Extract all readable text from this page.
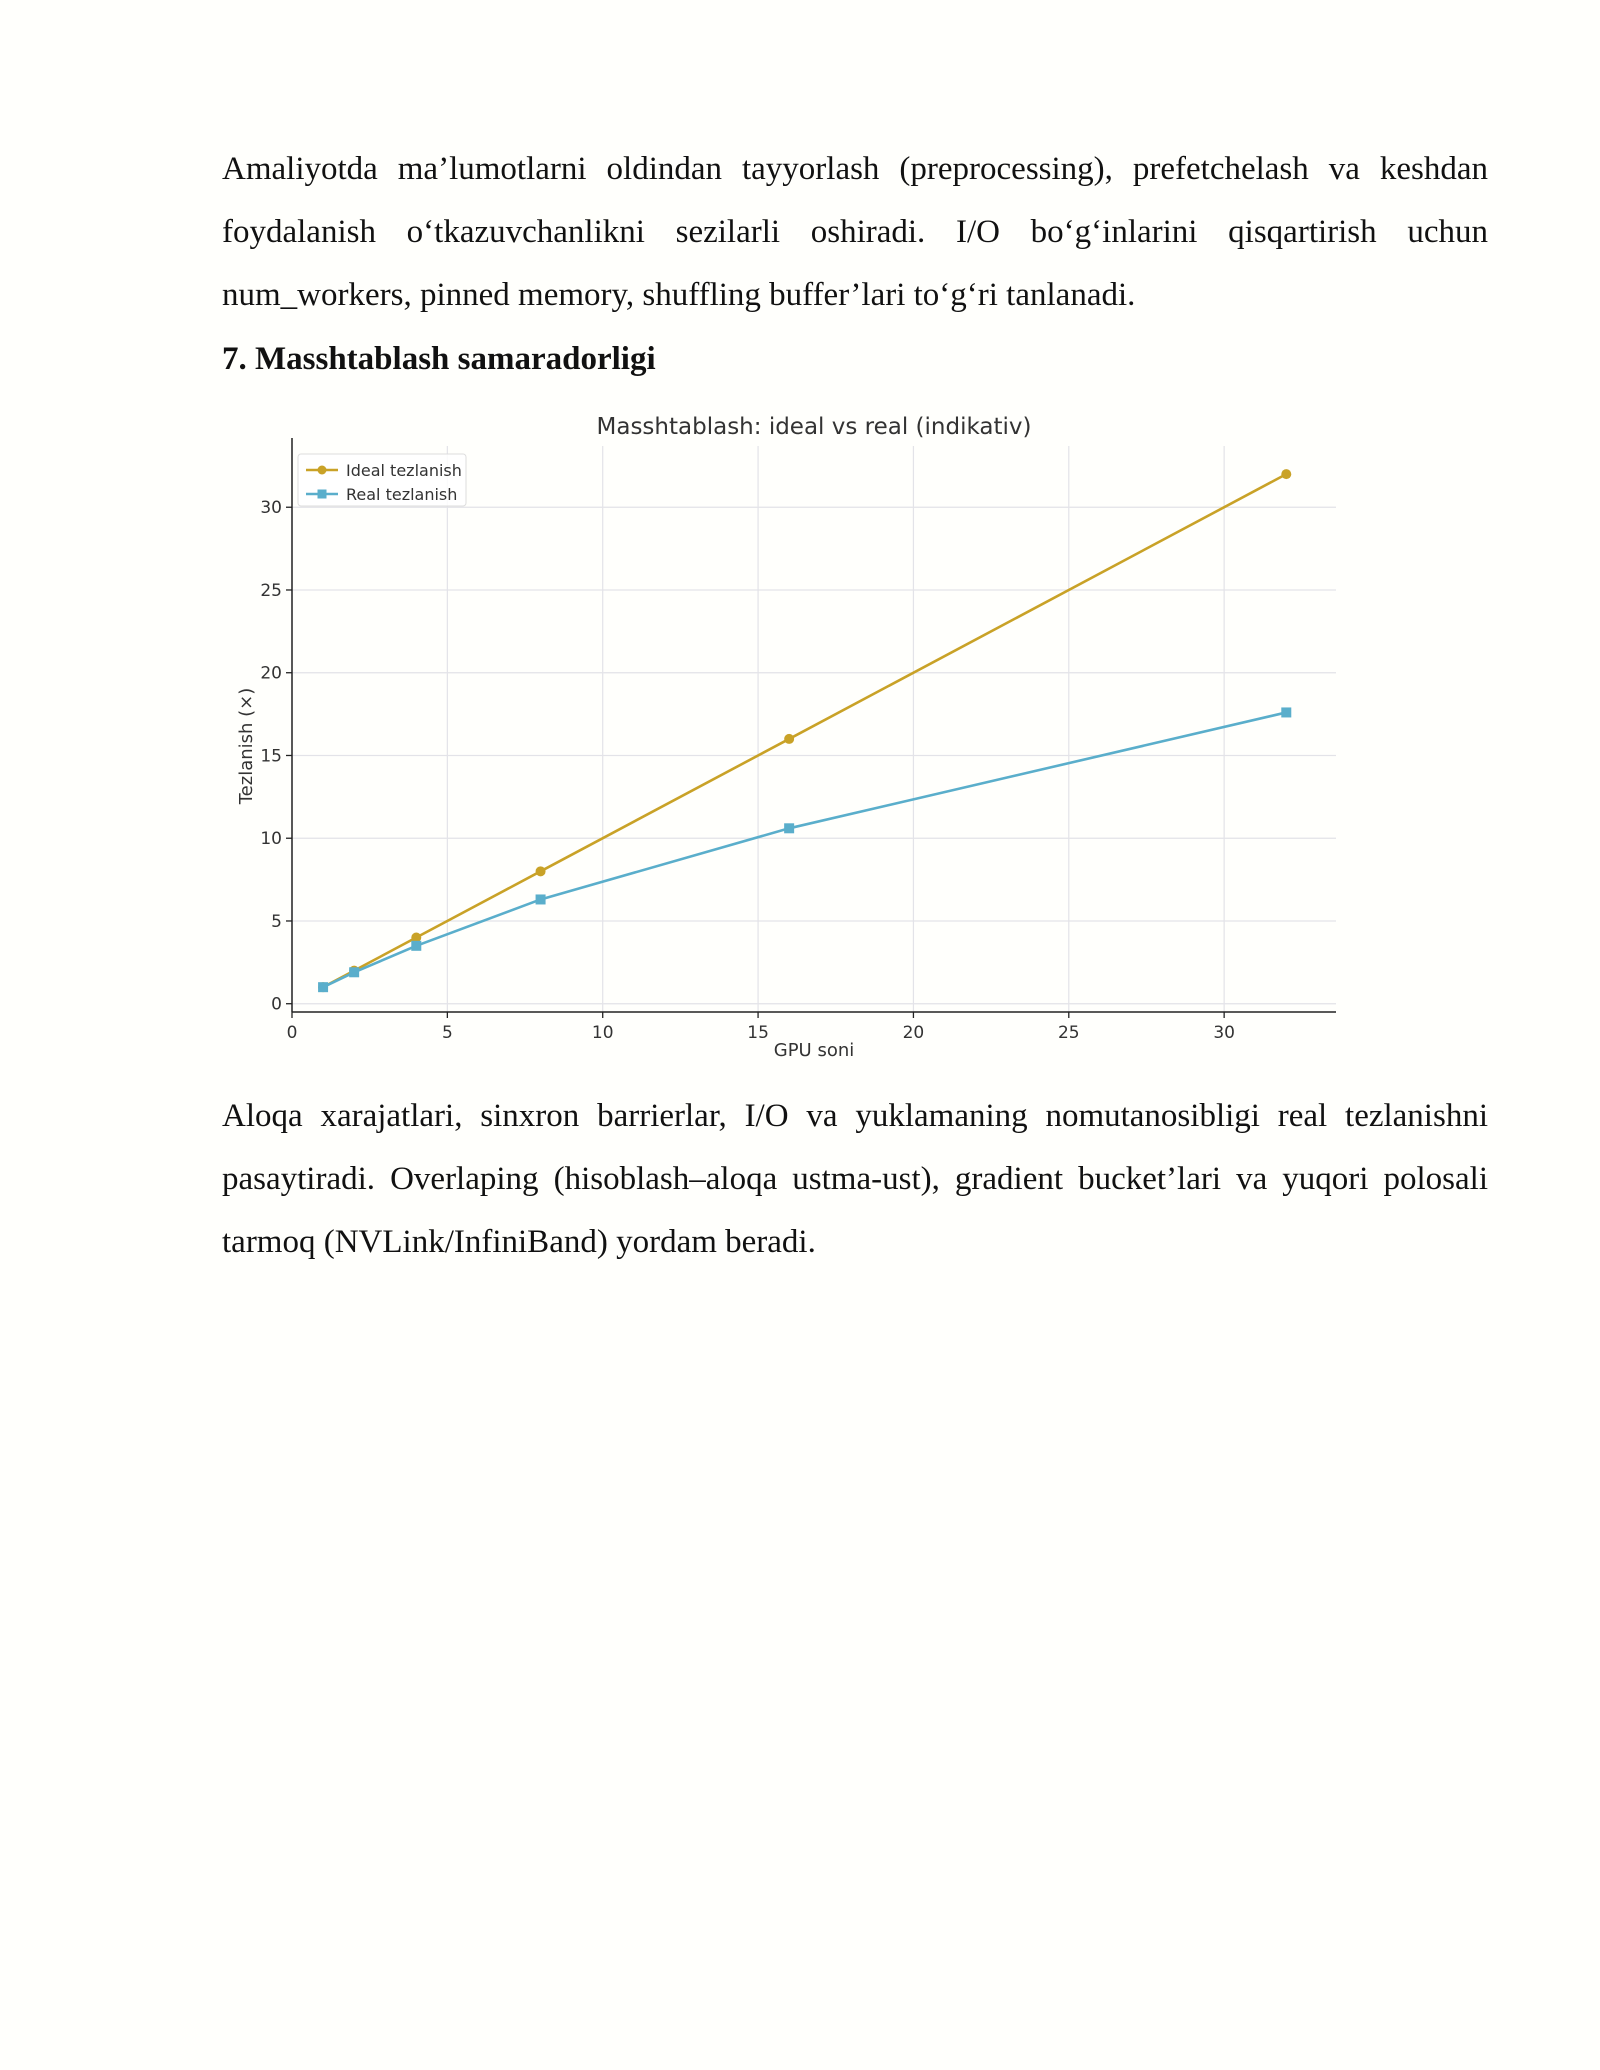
Amaliyotda ma’lumotlarni oldindan tayyorlash (preprocessing), prefetchelash va keshdan foydalanish o‘tkazuvchanlikni sezilarli oshiradi. I/O bo‘g‘inlarini qisqartirish uchun num_workers, pinned memory, shuffling buffer’lari to‘g‘ri tanlanadi.

7. Masshtablash samaradorligi
0	5	10	15	20	25	30
0
5
10
15
20
25
30
Ideal tezlanish
Real tezlanish
Masshtablash: ideal vs real (indikativ)
GPU soni
Tezlanish (×)

Aloqa xarajatlari, sinxron barrierlar, I/O va yuklamaning nomutanosibligi real tezlanishni pasaytiradi. Overlaping (hisoblash–aloqa ustma-ust), gradient bucket’lari va yuqori polosali tarmoq (NVLink/InfiniBand) yordam beradi.
